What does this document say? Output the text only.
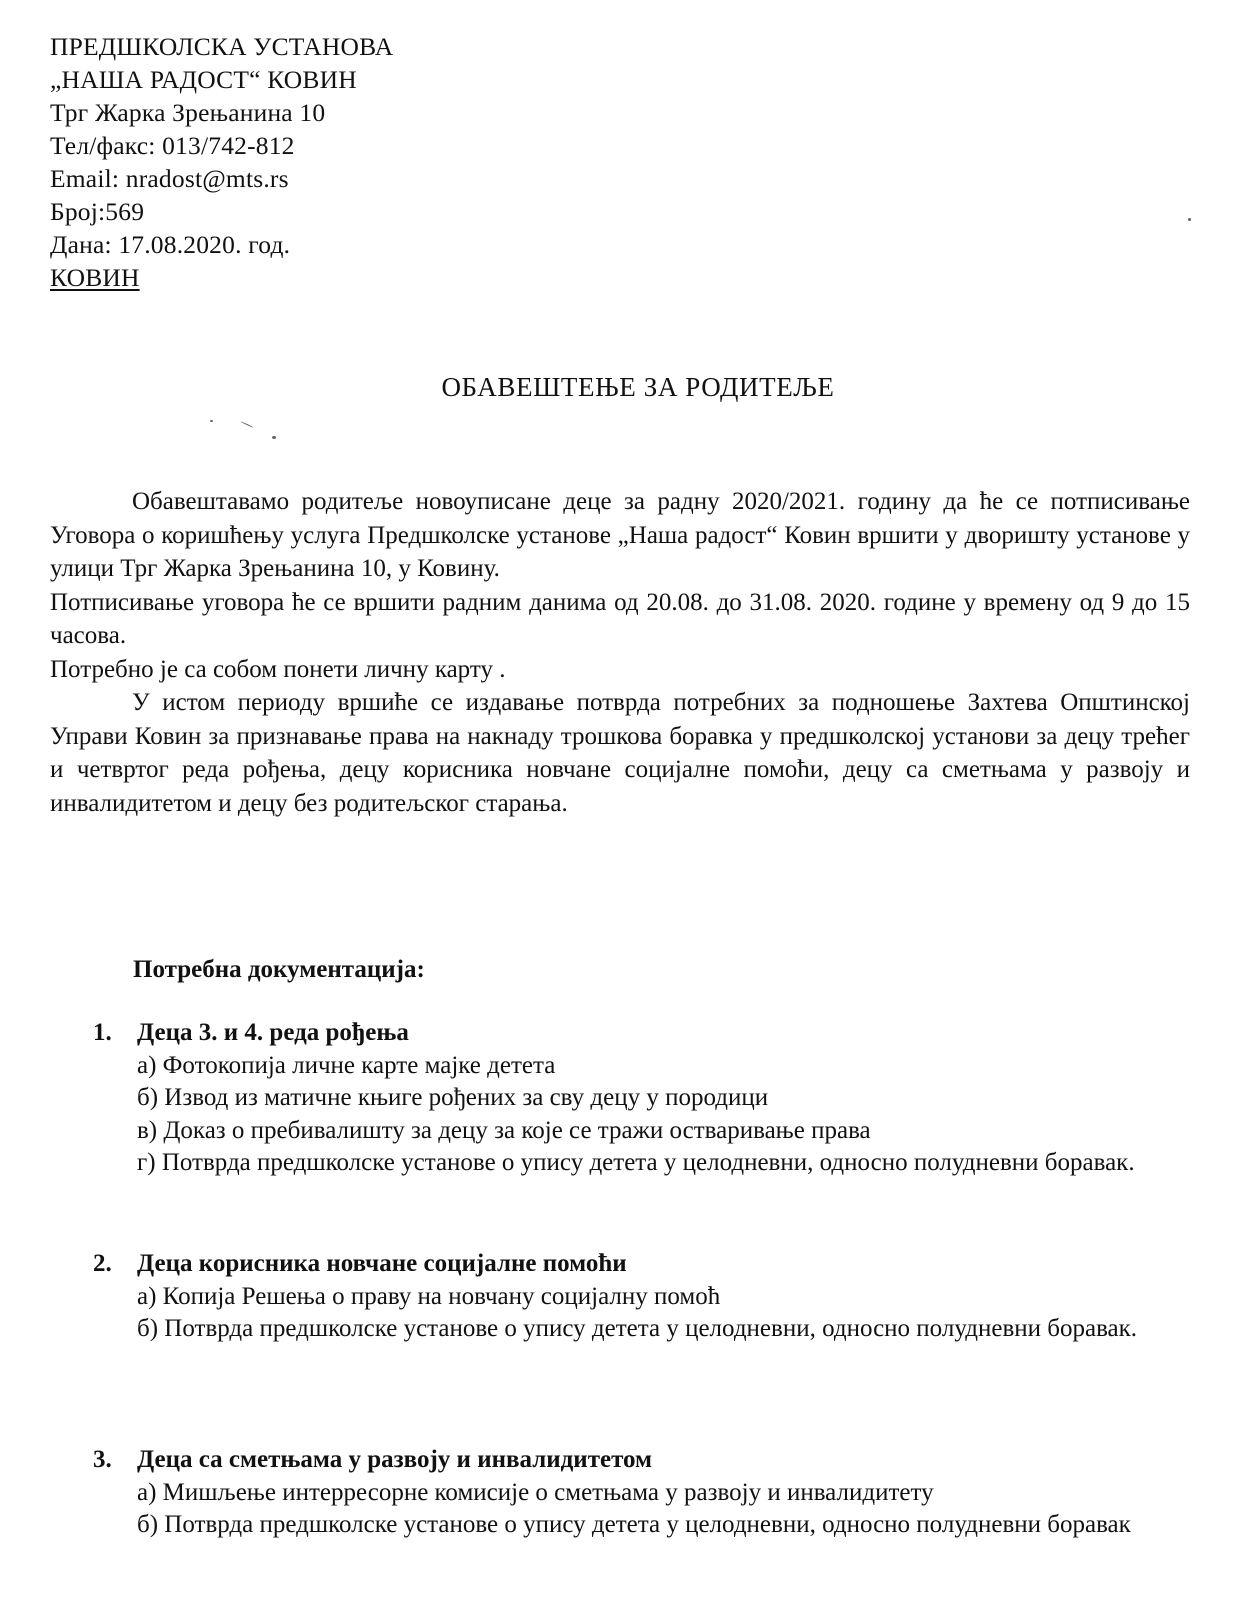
ПРЕДШКОЛСКА УСТАНОВА
„НАША РАДОСТ“ КОВИН
Трг Жарка Зрењанина 10
Тел/факс: 013/742-812
Email: nradost@mts.rs
Број:569
Дана: 17.08.2020. год.
КОВИН
ОБАВЕШТЕЊЕ ЗА РОДИТЕЉЕ

Обавештавамо родитеље новоуписане деце за радну 2020/2021. годину да ће се потписивање Уговора о коришћењу услуга Предшколске установе „Наша радост“ Ковин вршити у дворишту установе у улици Трг Жарка Зрењанина 10, у Ковину.

Потписивање уговора ће се вршити радним данима од 20.08. до 31.08. 2020. године у времену од 9 до 15 часова.

Потребно је са собом понети личну карту .

У истом периоду вршиће се издавање потврда потребних за подношење Захтева Општинској Управи Ковин за признавање права на накнаду трошкова боравка у предшколској установи за децу трећег и четвртог реда рођења, децу корисника новчане социјалне помоћи, децу са сметњама у развоју и инвалидитетом и децу без родитељског старања.

Потребна документација:
1.	Деца 3. и 4. реда рођења

а) Фотокопија личне карте мајке детета

б) Извод из матичне књиге рођених за сву децу у породици

в) Доказ о пребивалишту за децу за које се тражи остваривање права

г) Потврда предшколске установе о упису детета у целодневни, односно полудневни боравак.

2.	Деца корисника новчане социјалне помоћи

а) Копија Решења о праву на новчану социјалну помоћ

б) Потврда предшколске установе о упису детета у целодневни, односно полудневни боравак.

3.	Деца са сметњама у развоју и инвалидитетом

а) Мишљење интерресорне комисије о сметњама у развоју и инвалидитету

б) Потврда предшколске установе о упису детета у целодневни, односно полудневни боравак
